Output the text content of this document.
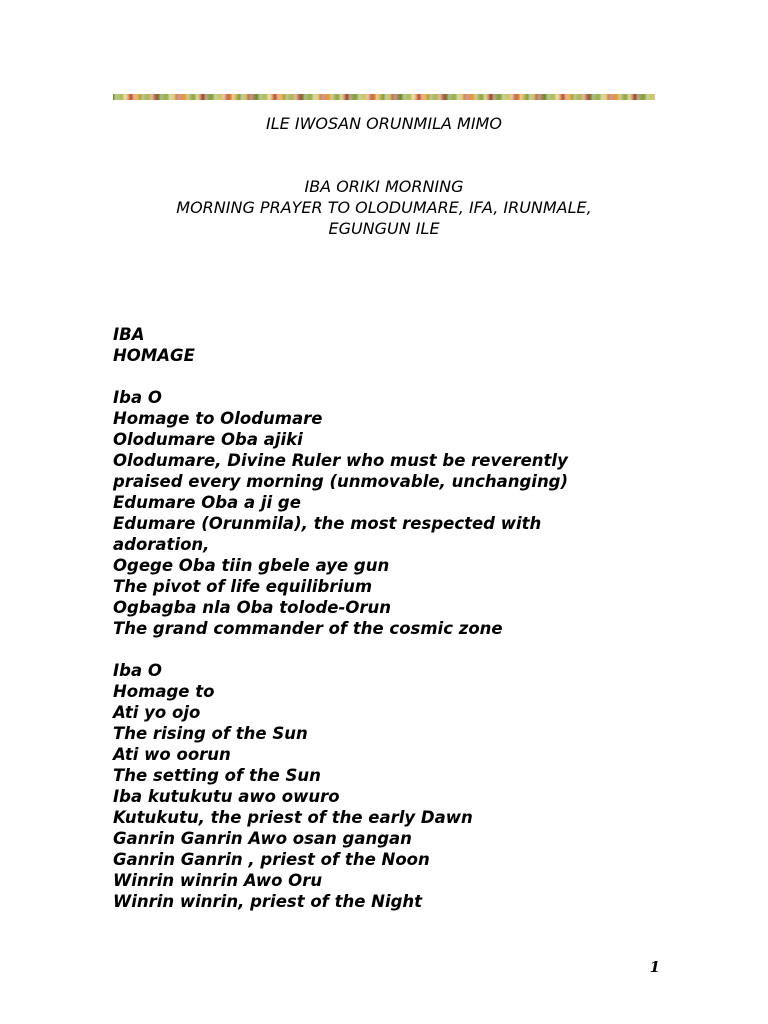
ILE IWOSAN ORUNMILA MIMO
IBA ORIKI MORNING
MORNING PRAYER TO OLODUMARE, IFA, IRUNMALE,
EGUNGUN ILE
IBA
HOMAGE
Iba O
Homage to Olodumare
Olodumare Oba ajiki
Olodumare, Divine Ruler who must be reverently
praised every morning (unmovable, unchanging)
Edumare Oba a ji ge
Edumare (Orunmila), the most respected with
adoration,
Ogege Oba tiin gbele aye gun
The pivot of life equilibrium
Ogbagba nla Oba tolode-Orun
The grand commander of the cosmic zone
Iba O
Homage to
Ati yo ojo
The rising of the Sun
Ati wo oorun
The setting of the Sun
Iba kutukutu awo owuro
Kutukutu, the priest of the early Dawn
Ganrin Ganrin Awo osan gangan
Ganrin Ganrin , priest of the Noon
Winrin winrin Awo Oru
Winrin winrin, priest of the Night
1
